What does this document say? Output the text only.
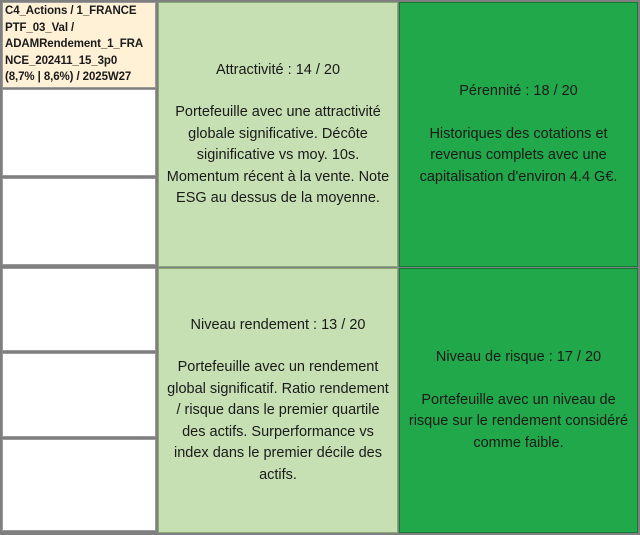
C4_Actions / 1_FRANCE
PTF_03_Val /
ADAMRendement_1_FRA
NCE_202411_15_3p0
(8,7% | 8,6%) / 2025W27	Attractivité : 14 / 20
Portefeuille avec une attractivité globale significative. Décôte siginificative vs moy. 10s. Momentum récent à la vente. Note ESG au dessus de la moyenne.
Pérennité : 18 / 20
Historiques des cotations et revenus complets avec une capitalisation d'environ 4.4 G€.
Niveau rendement : 13 / 20
Portefeuille avec un rendement global significatif. Ratio rendement / risque dans le premier quartile des actifs. Surperformance vs index dans le premier décile des actifs.
Niveau de risque : 17 / 20
Portefeuille avec un niveau de risque sur le rendement considéré comme faible.
